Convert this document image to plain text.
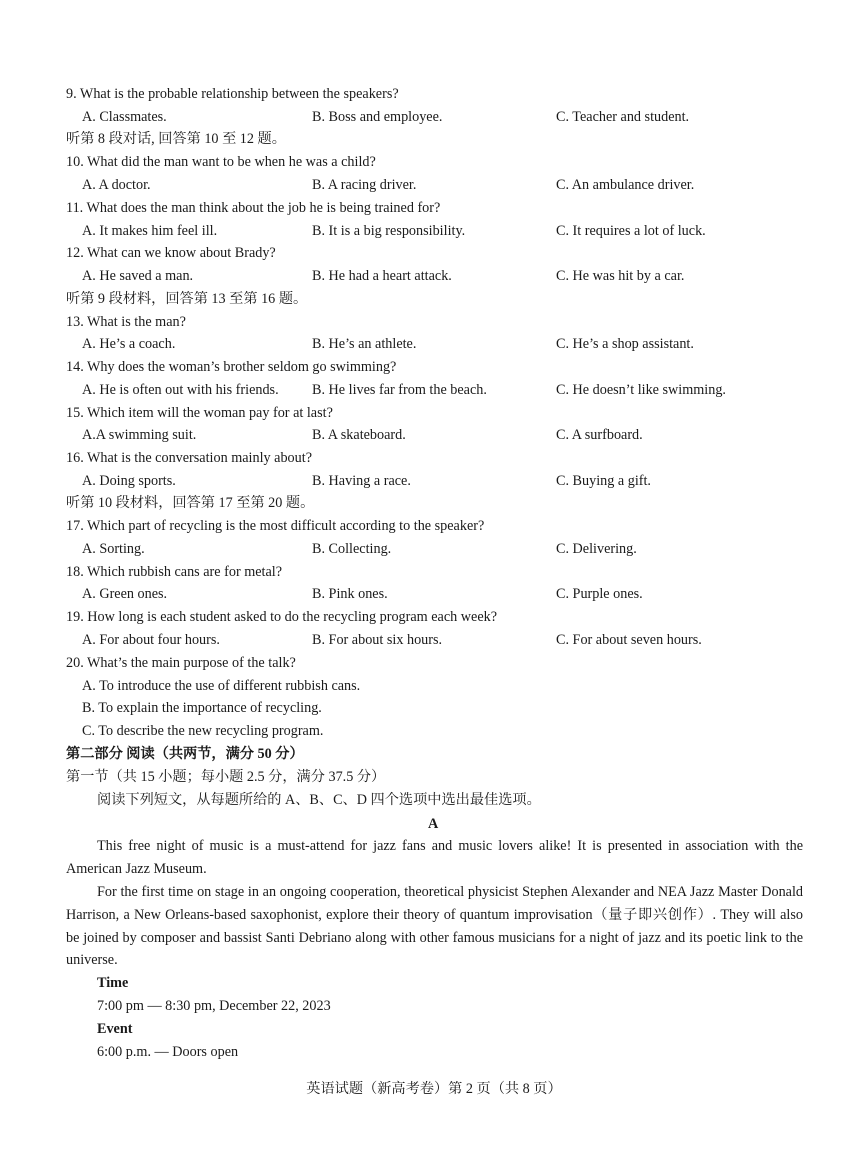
9. What is the probable relationship between the speakers?
A. Classmates.	B. Boss and employee.	C. Teacher and student.
听第 8 段对话, 回答第 10 至 12 题。
10. What did the man want to be when he was a child?
A. A doctor.	B. A racing driver.	C. An ambulance driver.
11. What does the man think about the job he is being trained for?
A. It makes him feel ill.	B. It is a big responsibility.	C. It requires a lot of luck.
12. What can we know about Brady?
A. He saved a man.	B. He had a heart attack.	C. He was hit by a car.
听第 9 段材料，回答第 13 至第 16 题。
13. What is the man?
A. He’s a coach.	B. He’s an athlete.	C. He’s a shop assistant.
14. Why does the woman’s brother seldom go swimming?
A. He is often out with his friends. B. He lives far from the beach.	C. He doesn’t like swimming.
15. Which item will the woman pay for at last?
A.A swimming suit.	B. A skateboard.	C. A surfboard.
16. What is the conversation mainly about?
A. Doing sports.	B. Having a race.	C. Buying a gift.
听第 10 段材料，回答第 17 至第 20 题。
17. Which part of recycling is the most difficult according to the speaker?
A. Sorting.	B. Collecting.	C. Delivering.
18. Which rubbish cans are for metal?
A. Green ones.	B. Pink ones.	C. Purple ones.
19. How long is each student asked to do the recycling program each week?
A. For about four hours.	B. For about six hours.	C. For about seven hours.
20. What’s the main purpose of the talk?
A. To introduce the use of different rubbish cans.
B. To explain the importance of recycling.
C. To describe the new recycling program.
第二部分 阅读（共两节，满分 50 分）
第一节（共 15 小题；每小题 2.5 分，满分 37.5 分）
阅读下列短文，从每题所给的 A、B、C、D 四个选项中选出最佳选项。
A
This free night of music is a must-attend for jazz fans and music lovers alike! It is presented in association with the American Jazz Museum.
For the first time on stage in an ongoing cooperation, theoretical physicist Stephen Alexander and NEA Jazz Master Donald Harrison, a New Orleans-based saxophonist, explore their theory of quantum improvisation（量子即兴创作）. They will also be joined by composer and bassist Santi Debriano along with other famous musicians for a night of jazz and its poetic link to the universe.
Time
7:00 pm — 8:30 pm, December 22, 2023
Event
6:00 p.m. — Doors open
英语试题（新高考卷）第 2 页（共 8 页）
